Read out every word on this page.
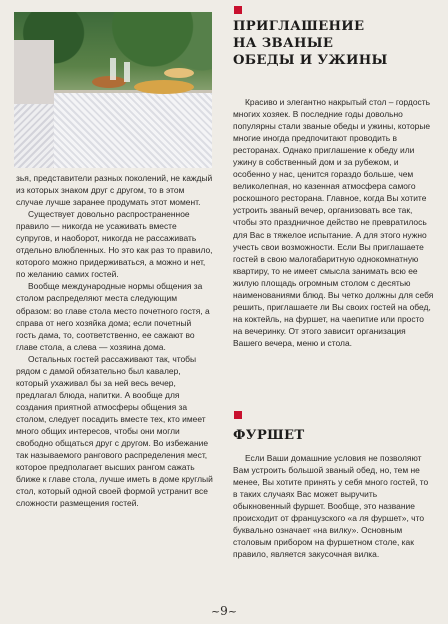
зья, представители разных поколений, не каждый из которых знаком друг с другом, то в этом случае лучше заранее продумать этот момент.

Существует довольно распространенное правило — никогда не усаживать вместе супругов, и наоборот, никогда не рассаживать отдельно влюбленных. Но это как раз то правило, которого можно придерживаться, а можно и нет, по желанию самих гостей.

Вообще международные нормы общения за столом распределяют места следующим образом: во главе стола место почетного гостя, а справа от него хозяйка дома; если почетный гость дама, то, соответственно, ее сажают во главе стола, а слева — хозяина дома.

Остальных гостей рассаживают так, чтобы рядом с дамой обязательно был кавалер, который ухаживал бы за ней весь вечер, предлагал блюда, напитки. А вообще для создания приятной атмосферы общения за столом, следует посадить вместе тех, кто имеет много общих интересов, чтобы они могли свободно общаться друг с другом. Во избежание так называемого рангового распределения мест, которое предполагает высших рангом сажать ближе к главе стола, лучше иметь в доме круглый стол, который одной своей формой устранит все сложности размещения гостей.

ПРИГЛАШЕНИЕ
НА ЗВАНЫЕ
ОБЕДЫ И УЖИНЫ

Красиво и элегантно накрытый стол – гордость многих хозяек. В последние годы довольно популярны стали званые обеды и ужины, которые многие иногда предпочитают проводить в ресторанах. Однако приглашение к обеду или ужину в собственный дом и за рубежом, и особенно у нас, ценится гораздо больше, чем великолепная, но казенная атмосфера самого роскошного ресторана. Главное, когда Вы хотите устроить званый вечер, организовать все так, чтобы это праздничное действо не превратилось для Вас в тяжелое испытание. А для этого нужно учесть свои возможности. Если Вы приглашаете гостей в свою малогабаритную однокомнатную квартиру, то не имеет смысла занимать всю ее жилую площадь огромным столом с десятью наименованиями блюд. Вы четко должны для себя решить, приглашаете ли Вы своих гостей на обед, на коктейль, на фуршет, на чаепитие или просто на вечеринку. От этого зависит организация Вашего вечера, меню и стола.

ФУРШЕТ

Если Ваши домашние условия не позволяют Вам устроить большой званый обед, но, тем не менее, Вы хотите принять у себя много гостей, то в таких случаях Вас может выручить обыкновенный фуршет. Вообще, это название происходит от французского «а ля фуршет», что буквально означает «на вилку». Основным столовым прибором на фуршетном столе, как правило, является закусочная вилка.

~9~
